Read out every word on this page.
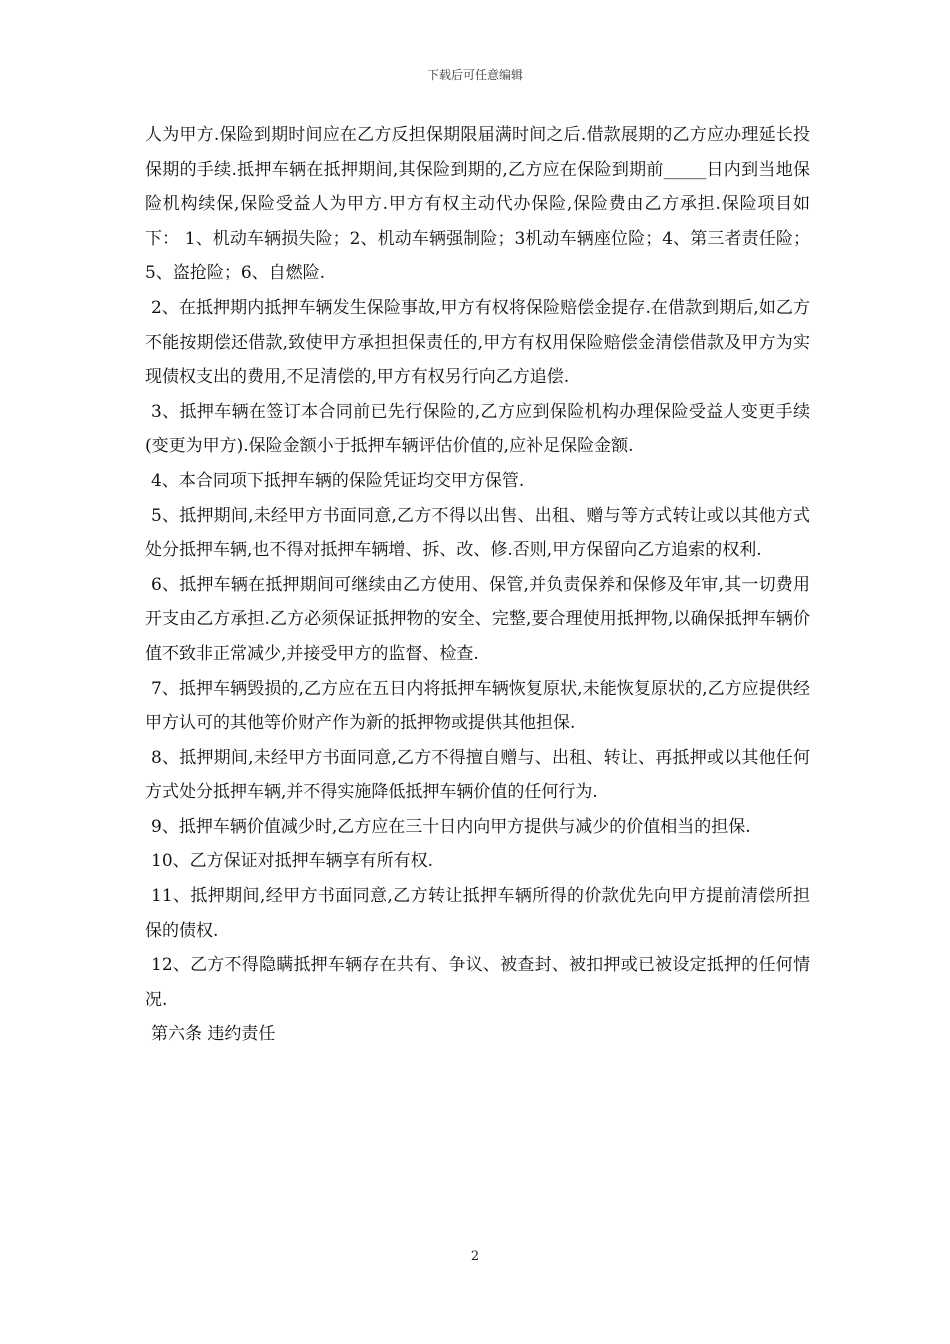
下载后可任意编辑

人为甲方.保险到期时间应在乙方反担保期限届满时间之后.借款展期的乙方应办理延长投保期的手续.抵押车辆在抵押期间,其保险到期的,乙方应在保险到期前_____日内到当地保险机构续保,保险受益人为甲方.甲方有权主动代办保险,保险费由乙方承担.保险项目如下： 1、机动车辆损失险；2、机动车辆强制险；3机动车辆座位险；4、第三者责任险；5、盗抢险；6、自燃险.

2、在抵押期内抵押车辆发生保险事故,甲方有权将保险赔偿金提存.在借款到期后,如乙方不能按期偿还借款,致使甲方承担担保责任的,甲方有权用保险赔偿金清偿借款及甲方为实现债权支出的费用,不足清偿的,甲方有权另行向乙方追偿.

3、抵押车辆在签订本合同前已先行保险的,乙方应到保险机构办理保险受益人变更手续(变更为甲方).保险金额小于抵押车辆评估价值的,应补足保险金额.

4、本合同项下抵押车辆的保险凭证均交甲方保管.

5、抵押期间,未经甲方书面同意,乙方不得以出售、出租、赠与等方式转让或以其他方式处分抵押车辆,也不得对抵押车辆增、拆、改、修.否则,甲方保留向乙方追索的权利.

6、抵押车辆在抵押期间可继续由乙方使用、保管,并负责保养和保修及年审,其一切费用开支由乙方承担.乙方必须保证抵押物的安全、完整,要合理使用抵押物,以确保抵押车辆价值不致非正常减少,并接受甲方的监督、检查.

7、抵押车辆毁损的,乙方应在五日内将抵押车辆恢复原状,未能恢复原状的,乙方应提供经甲方认可的其他等价财产作为新的抵押物或提供其他担保.

8、抵押期间,未经甲方书面同意,乙方不得擅自赠与、出租、转让、再抵押或以其他任何方式处分抵押车辆,并不得实施降低抵押车辆价值的任何行为.

9、抵押车辆价值减少时,乙方应在三十日内向甲方提供与减少的价值相当的担保.

10、乙方保证对抵押车辆享有所有权.

11、抵押期间,经甲方书面同意,乙方转让抵押车辆所得的价款优先向甲方提前清偿所担保的债权.

12、乙方不得隐瞒抵押车辆存在共有、争议、被查封、被扣押或已被设定抵押的任何情况.

第六条 违约责任

2
